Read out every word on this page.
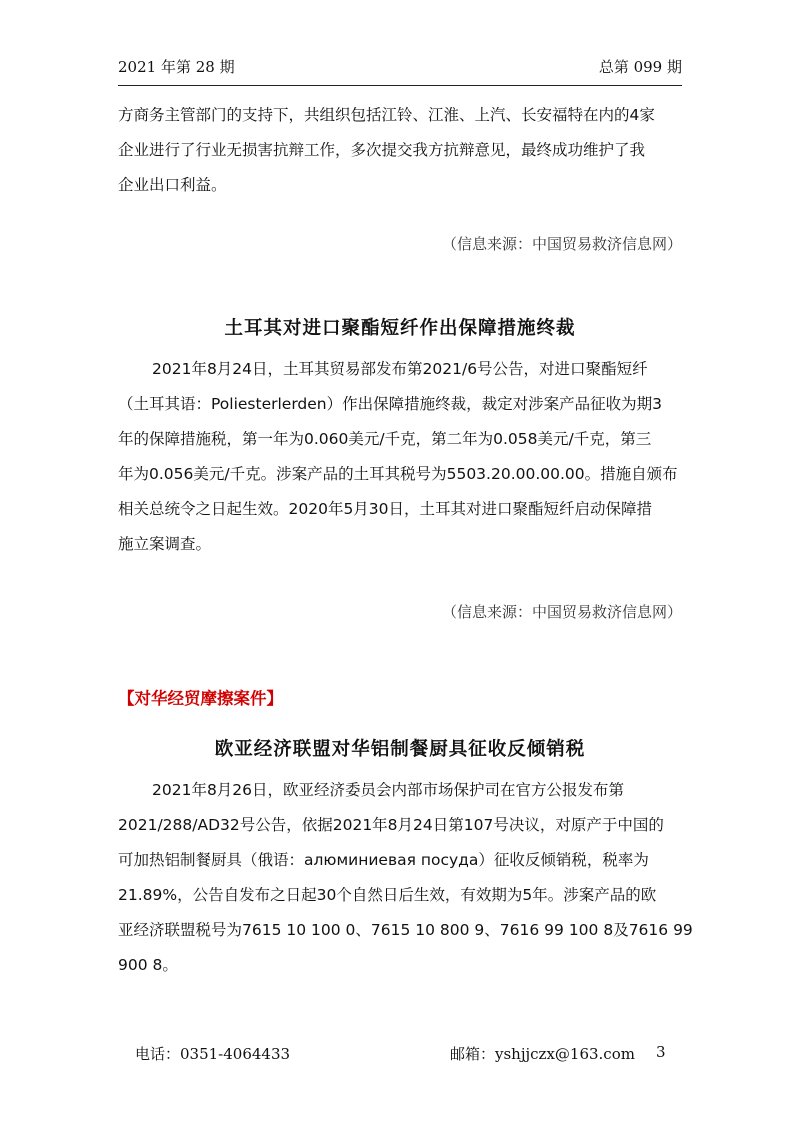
2021 年第 28 期	总第 099 期
方商务主管部门的支持下，共组织包括江铃、江淮、上汽、长安福特在内的4家
企业进行了行业无损害抗辩工作，多次提交我方抗辩意见，最终成功维护了我
企业出口利益。
（信息来源：中国贸易救济信息网）
土耳其对进口聚酯短纤作出保障措施终裁
2021年8月24日，土耳其贸易部发布第2021/6号公告，对进口聚酯短纤
（土耳其语：Poliesterlerden）作出保障措施终裁，裁定对涉案产品征收为期3
年的保障措施税，第一年为0.060美元/千克，第二年为0.058美元/千克，第三
年为0.056美元/千克。涉案产品的土耳其税号为5503.20.00.00.00。措施自颁布
相关总统令之日起生效。2020年5月30日，土耳其对进口聚酯短纤启动保障措
施立案调查。
（信息来源：中国贸易救济信息网）
【对华经贸摩擦案件】
欧亚经济联盟对华铝制餐厨具征收反倾销税
2021年8月26日，欧亚经济委员会内部市场保护司在官方公报发布第
2021/288/AD32号公告，依据2021年8月24日第107号决议，对原产于中国的
可加热铝制餐厨具（俄语：алюминиевая посуда）征收反倾销税，税率为
21.89%，公告自发布之日起30个自然日后生效，有效期为5年。涉案产品的欧
亚经济联盟税号为7615 10 100 0、7615 10 800 9、7616 99 100 8及7616 99
900 8。
电话：0351-4064433	邮箱：yshjjczx@163.com 3
